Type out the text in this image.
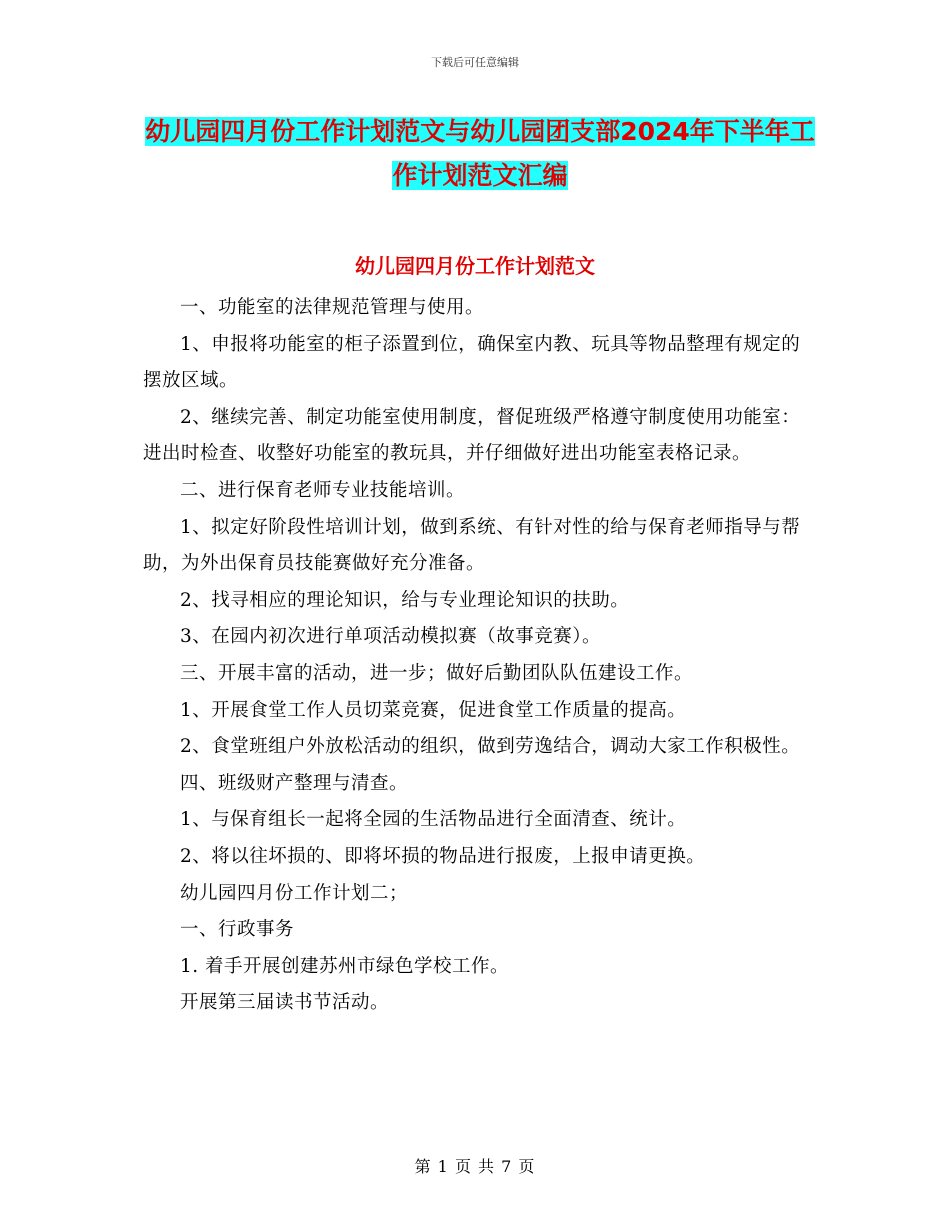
下载后可任意编辑
幼儿园四月份工作计划范文与幼儿园团支部2024年下半年工作计划范文汇编
幼儿园四月份工作计划范文

一、功能室的法律规范管理与使用。

1、申报将功能室的柜子添置到位，确保室内教、玩具等物品整理有规定的摆放区域。

2、继续完善、制定功能室使用制度，督促班级严格遵守制度使用功能室：进出时检查、收整好功能室的教玩具，并仔细做好进出功能室表格记录。

二、进行保育老师专业技能培训。

1、拟定好阶段性培训计划，做到系统、有针对性的给与保育老师指导与帮助，为外出保育员技能赛做好充分准备。

2、找寻相应的理论知识，给与专业理论知识的扶助。

3、在园内初次进行单项活动模拟赛（故事竞赛）。

三、开展丰富的活动，进一步；做好后勤团队队伍建设工作。

1、开展食堂工作人员切菜竞赛，促进食堂工作质量的提高。

2、食堂班组户外放松活动的组织，做到劳逸结合，调动大家工作积极性。

四、班级财产整理与清查。

1、与保育组长一起将全园的生活物品进行全面清查、统计。

2、将以往坏损的、即将坏损的物品进行报废，上报申请更换。

幼儿园四月份工作计划二；

一、行政事务

1. 着手开展创建苏州市绿色学校工作。

开展第三届读书节活动。

第 1 页 共 7 页
